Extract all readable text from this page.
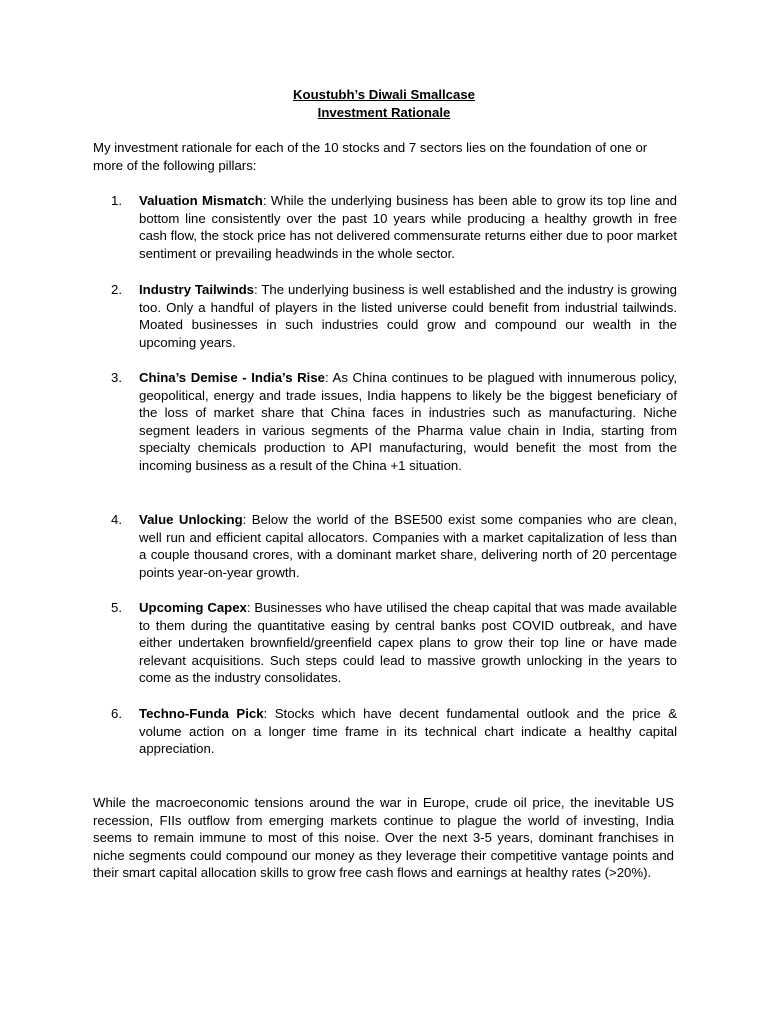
Koustubh’s Diwali Smallcase

Investment Rationale

My investment rationale for each of the 10 stocks and 7 sectors lies on the foundation of one or more of the following pillars:

1.	Valuation Mismatch: While the underlying business has been able to grow its top line and bottom line consistently over the past 10 years while producing a healthy growth in free cash flow, the stock price has not delivered commensurate returns either due to poor market sentiment or prevailing headwinds in the whole sector.
2.	Industry Tailwinds: The underlying business is well established and the industry is growing too. Only a handful of players in the listed universe could benefit from industrial tailwinds. Moated businesses in such industries could grow and compound our wealth in the upcoming years.
3.	China’s Demise - India’s Rise: As China continues to be plagued with innumerous policy, geopolitical, energy and trade issues, India happens to likely be the biggest beneficiary of the loss of market share that China faces in industries such as manufacturing. Niche segment leaders in various segments of the Pharma value chain in India, starting from specialty chemicals production to API manufacturing, would benefit the most from the incoming business as a result of the China +1 situation.
4.	Value Unlocking: Below the world of the BSE500 exist some companies who are clean, well run and efficient capital allocators. Companies with a market capitalization of less than a couple thousand crores, with a dominant market share, delivering north of 20 percentage points year-on-year growth.
5.	Upcoming Capex: Businesses who have utilised the cheap capital that was made available to them during the quantitative easing by central banks post COVID outbreak, and have either undertaken brownfield/greenfield capex plans to grow their top line or have made relevant acquisitions. Such steps could lead to massive growth unlocking in the years to come as the industry consolidates.
6.	Techno-Funda Pick: Stocks which have decent fundamental outlook and the price & volume action on a longer time frame in its technical chart indicate a healthy capital appreciation.

While the macroeconomic tensions around the war in Europe, crude oil price, the inevitable US recession, FIIs outflow from emerging markets continue to plague the world of investing, India seems to remain immune to most of this noise. Over the next 3-5 years, dominant franchises in niche segments could compound our money as they leverage their competitive vantage points and their smart capital allocation skills to grow free cash flows and earnings at healthy rates (>20%).
